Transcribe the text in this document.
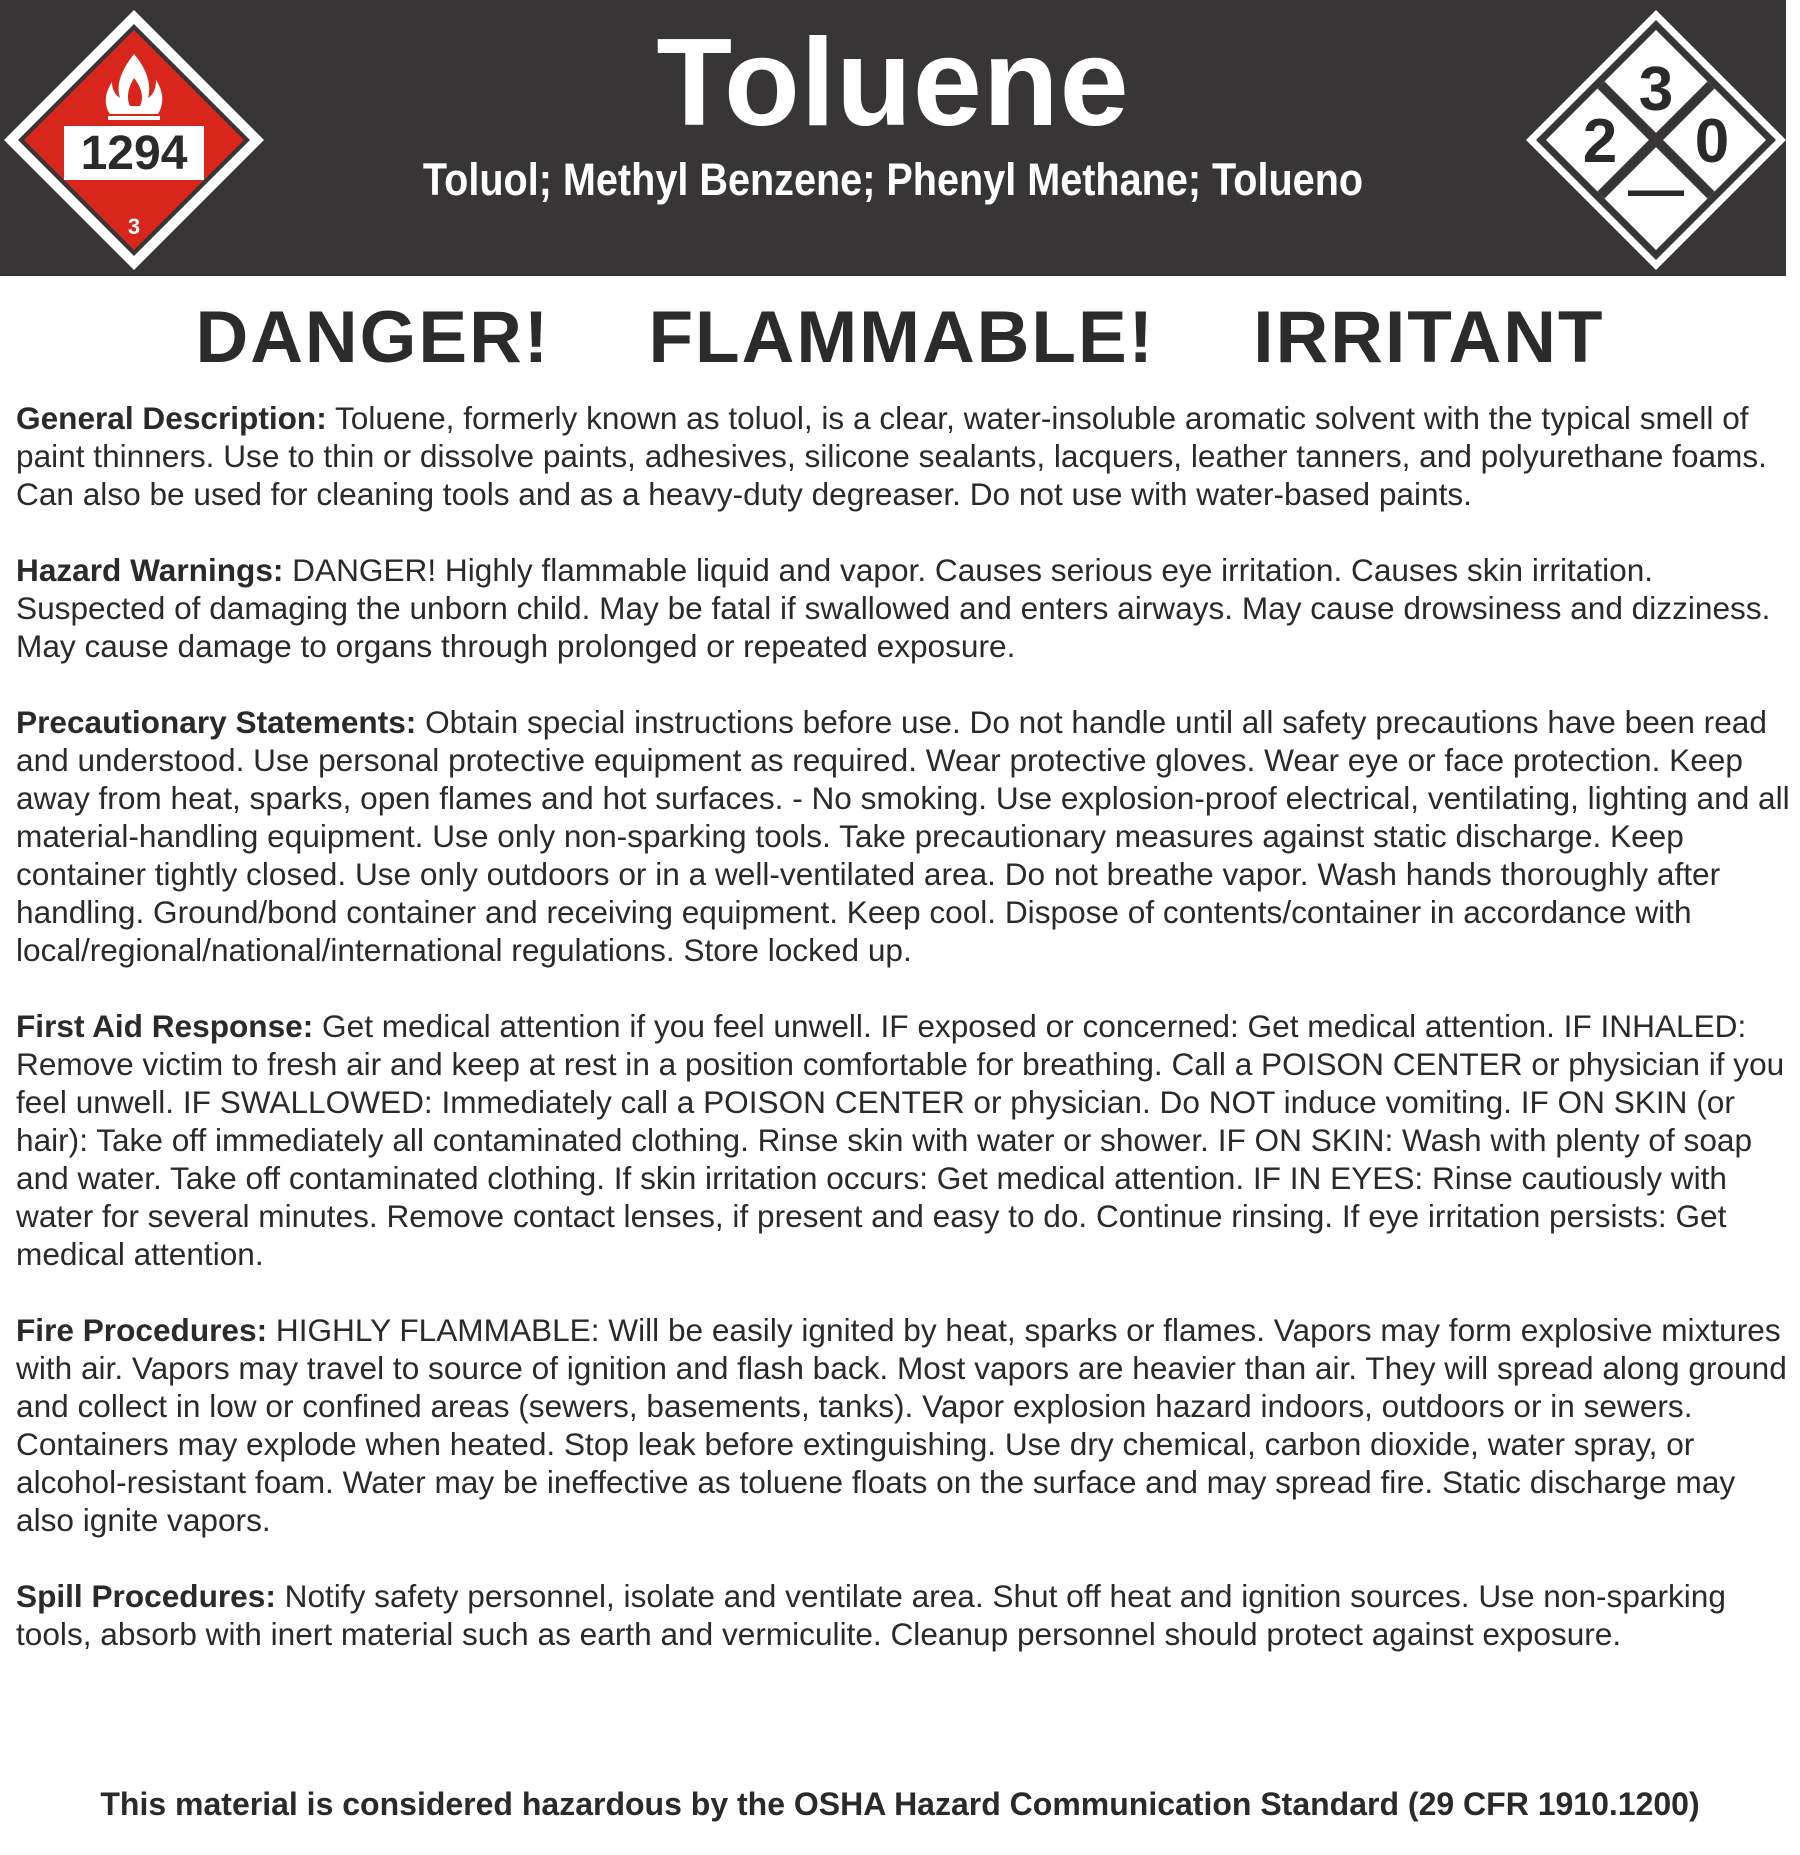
Toluene
Toluol; Methyl Benzene; Phenyl Methane; Tolueno
1294
3
3
2 0
—
DANGER! FLAMMABLE! IRRITANT

General Description: Toluene, formerly known as toluol, is a clear, water-insoluble aromatic solvent with the typical smell of paint thinners. Use to thin or dissolve paints, adhesives, silicone sealants, lacquers, leather tanners, and polyurethane foams. Can also be used for cleaning tools and as a heavy-duty degreaser. Do not use with water-based paints.

Hazard Warnings: DANGER! Highly flammable liquid and vapor. Causes serious eye irritation. Causes skin irritation. Suspected of damaging the unborn child. May be fatal if swallowed and enters airways. May cause drowsiness and dizziness. May cause damage to organs through prolonged or repeated exposure.

Precautionary Statements: Obtain special instructions before use. Do not handle until all safety precautions have been read and understood. Use personal protective equipment as required. Wear protective gloves. Wear eye or face protection. Keep away from heat, sparks, open flames and hot surfaces. - No smoking. Use explosion-proof electrical, ventilating, lighting and all material-handling equipment. Use only non-sparking tools. Take precautionary measures against static discharge. Keep container tightly closed. Use only outdoors or in a well-ventilated area. Do not breathe vapor. Wash hands thoroughly after handling. Ground/bond container and receiving equipment. Keep cool. Dispose of contents/container in accordance with local/regional/national/international regulations. Store locked up.

First Aid Response: Get medical attention if you feel unwell. IF exposed or concerned: Get medical attention. IF INHALED: Remove victim to fresh air and keep at rest in a position comfortable for breathing. Call a POISON CENTER or physician if you feel unwell. IF SWALLOWED: Immediately call a POISON CENTER or physician. Do NOT induce vomiting. IF ON SKIN (or hair): Take off immediately all contaminated clothing. Rinse skin with water or shower. IF ON SKIN: Wash with plenty of soap and water. Take off contaminated clothing. If skin irritation occurs: Get medical attention. IF IN EYES: Rinse cautiously with water for several minutes. Remove contact lenses, if present and easy to do. Continue rinsing. If eye irritation persists: Get medical attention.

Fire Procedures: HIGHLY FLAMMABLE: Will be easily ignited by heat, sparks or flames. Vapors may form explosive mixtures with air. Vapors may travel to source of ignition and flash back. Most vapors are heavier than air. They will spread along ground and collect in low or confined areas (sewers, basements, tanks). Vapor explosion hazard indoors, outdoors or in sewers. Containers may explode when heated. Stop leak before extinguishing. Use dry chemical, carbon dioxide, water spray, or alcohol-resistant foam. Water may be ineffective as toluene floats on the surface and may spread fire. Static discharge may also ignite vapors.

Spill Procedures: Notify safety personnel, isolate and ventilate area. Shut off heat and ignition sources. Use non-sparking tools, absorb with inert material such as earth and vermiculite. Cleanup personnel should protect against exposure.

This material is considered hazardous by the OSHA Hazard Communication Standard (29 CFR 1910.1200)
